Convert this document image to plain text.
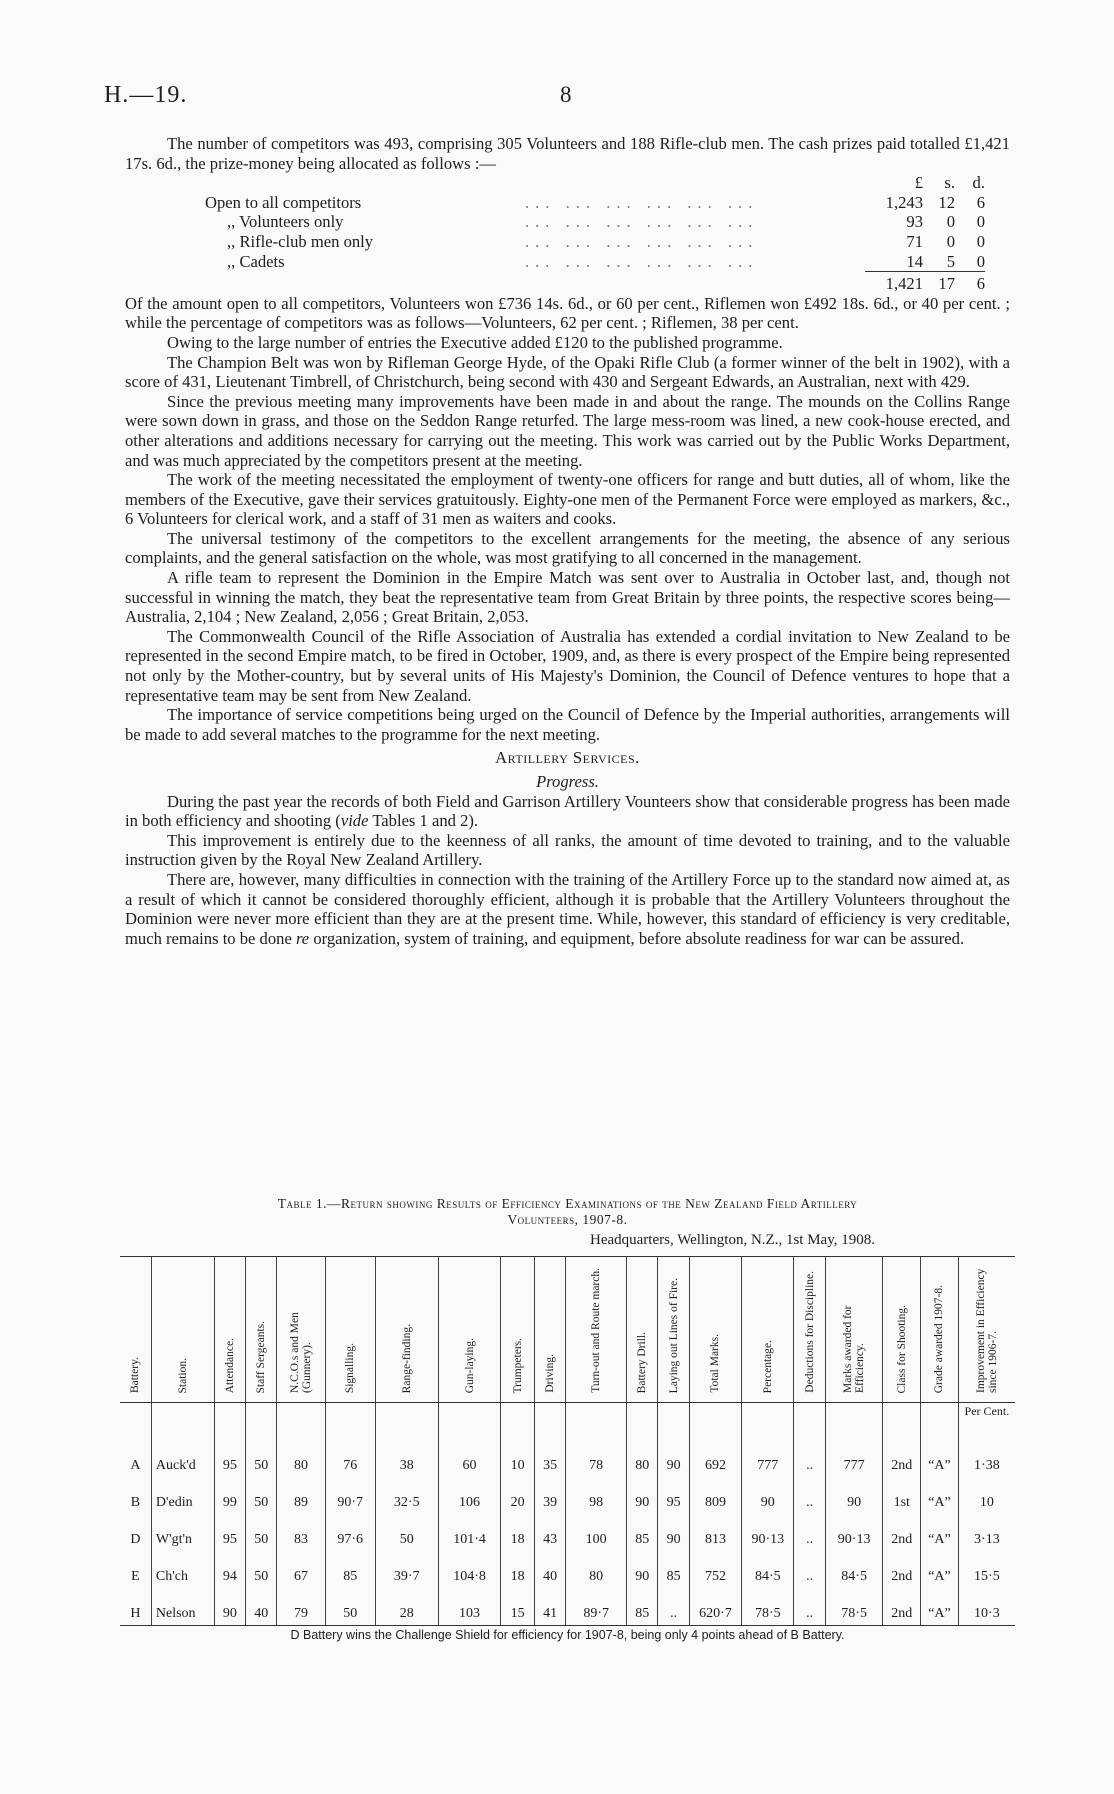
H.—19.	8

The number of competitors was 493, comprising 305 Volunteers and 188 Rifle-club men. The cash prizes paid totalled £1,421 17s. 6d., the prize-money being allocated as follows :—

			£	s.	d.
Open to all competitors		... ... ... ... ... ...	1,243	12	6
,, Volunteers only		... ... ... ... ... ...	93	0	0
,, Rifle-club men only		... ... ... ... ... ...	71	0	0
,, Cadets		... ... ... ... ... ...	14	5	0
			1,421	17	6

Of the amount open to all competitors, Volunteers won £736 14s. 6d., or 60 per cent., Riflemen won £492 18s. 6d., or 40 per cent. ; while the percentage of competitors was as follows—Volunteers, 62 per cent. ; Riflemen, 38 per cent.

Owing to the large number of entries the Executive added £120 to the published programme.

The Champion Belt was won by Rifleman George Hyde, of the Opaki Rifle Club (a former winner of the belt in 1902), with a score of 431, Lieutenant Timbrell, of Christchurch, being second with 430 and Sergeant Edwards, an Australian, next with 429.

Since the previous meeting many improvements have been made in and about the range. The mounds on the Collins Range were sown down in grass, and those on the Seddon Range returfed. The large mess-room was lined, a new cook-house erected, and other alterations and additions necessary for carrying out the meeting. This work was carried out by the Public Works Department, and was much appreciated by the competitors present at the meeting.

The work of the meeting necessitated the employment of twenty-one officers for range and butt duties, all of whom, like the members of the Executive, gave their services gratuitously. Eighty-one men of the Permanent Force were employed as markers, &c., 6 Volunteers for clerical work, and a staff of 31 men as waiters and cooks.

The universal testimony of the competitors to the excellent arrangements for the meeting, the absence of any serious complaints, and the general satisfaction on the whole, was most gratifying to all concerned in the management.

A rifle team to represent the Dominion in the Empire Match was sent over to Australia in October last, and, though not successful in winning the match, they beat the representative team from Great Britain by three points, the respective scores being—Australia, 2,104 ; New Zealand, 2,056 ; Great Britain, 2,053.

The Commonwealth Council of the Rifle Association of Australia has extended a cordial invitation to New Zealand to be represented in the second Empire match, to be fired in October, 1909, and, as there is every prospect of the Empire being represented not only by the Mother-country, but by several units of His Majesty's Dominion, the Council of Defence ventures to hope that a representative team may be sent from New Zealand.

The importance of service competitions being urged on the Council of Defence by the Imperial authorities, arrangements will be made to add several matches to the programme for the next meeting.

Artillery Services.

Progress.

During the past year the records of both Field and Garrison Artillery Vounteers show that considerable progress has been made in both efficiency and shooting (vide Tables 1 and 2).

This improvement is entirely due to the keenness of all ranks, the amount of time devoted to training, and to the valuable instruction given by the Royal New Zealand Artillery.

There are, however, many difficulties in connection with the training of the Artillery Force up to the standard now aimed at, as a result of which it cannot be considered thoroughly efficient, although it is probable that the Artillery Volunteers throughout the Dominion were never more efficient than they are at the present time. While, however, this standard of efficiency is very creditable, much remains to be done re organization, system of training, and equipment, before absolute readiness for war can be assured.

Table 1.—Return showing Results of Efficiency Examinations of the New Zealand Field Artillery
Volunteers, 1907-8.
Headquarters, Wellington, N.Z., 1st May, 1908.
Battery.	Station.	Attendance.	Staff Sergeants.	N.C.O.s and Men (Gunnery).	Signalling.	Range-finding.	Gun-laying.	Trumpeters.	Driving.	Turn-out and Route march.	Battery Drill.	Laying out Lines of Fire.	Total Marks.	Percentage.	Deductions for Discipline.	Marks awarded for Efficiency.	Class for Shooting.	Grade awarded 1907-8.	Improvement in Efficiency since 1906-7.
																			Per Cent.
A	Auck'd	95	50	80	76	38	60	10	35	78	80	90	692	777	..	777	2nd	“A”	1·38
B	D'edin	99	50	89	90·7	32·5	106	20	39	98	90	95	809	90	..	90	1st	“A”	10
D	W'gt'n	95	50	83	97·6	50	101·4	18	43	100	85	90	813	90·13	..	90·13	2nd	“A”	3·13
E	Ch'ch	94	50	67	85	39·7	104·8	18	40	80	90	85	752	84·5	..	84·5	2nd	“A”	15·5
H	Nelson	90	40	79	50	28	103	15	41	89·7	85	..	620·7	78·5	..	78·5	2nd	“A”	10·3
D Battery wins the Challenge Shield for efficiency for 1907-8, being only 4 points ahead of B Battery.
